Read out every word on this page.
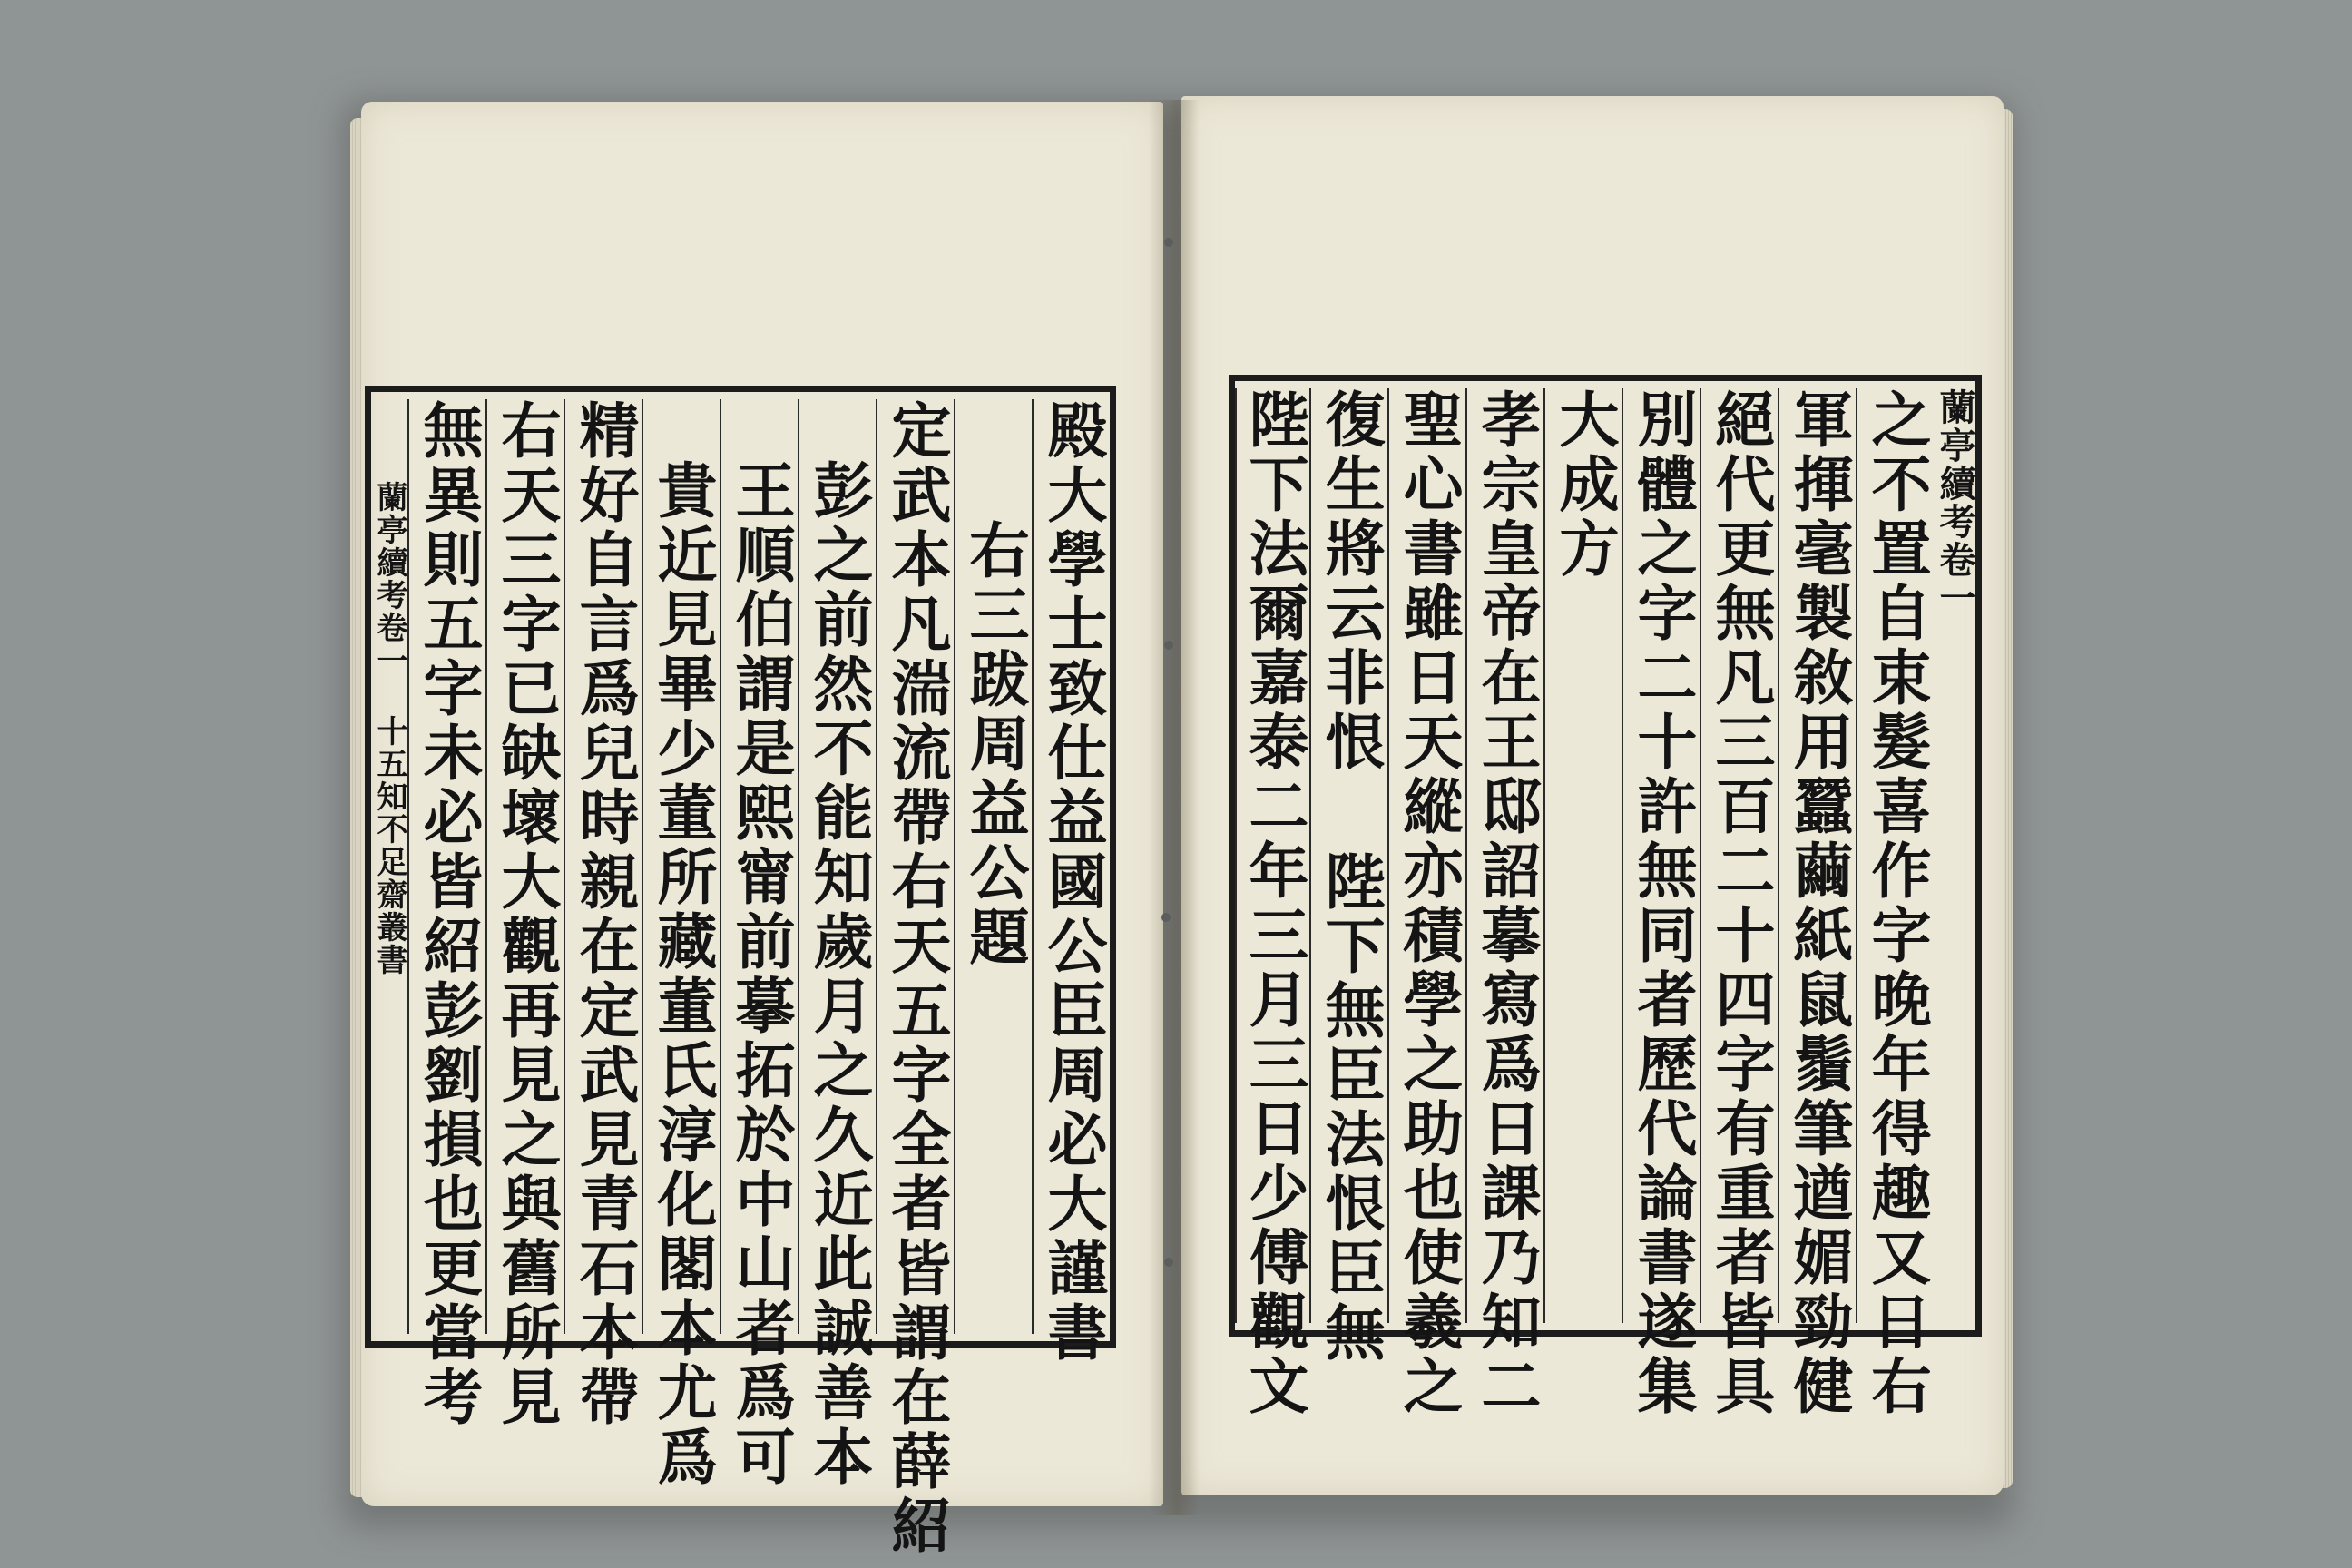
殿大學士致仕益國公臣周必大謹書
右三跋周益公題
定武本凡湍流帶右天五字全者皆謂在薛紹
彭之前然不能知歲月之久近此誠善本
王順伯謂是熙甯前摹拓於中山者爲可
貴近見畢少董所藏董氏淳化閣本尤爲
精好自言爲兒時親在定武見青石本帶
右天三字已缺壞大觀再見之與舊所見
無異則五字未必皆紹彭劉損也更當考
蘭亭續考卷一 十五知不足齋叢書	蘭亭續考卷一
之不置自束髮喜作字晚年得趣又日右
軍揮毫製敘用蠶繭紙鼠鬚筆遒媚勁健
絕代更無凡三百二十四字有重者皆具
別體之字二十許無同者歷代論書遂集
大成方
孝宗皇帝在王邸詔摹寫爲日課乃知二
聖心書雖日天縱亦積學之助也使羲之
復生將云非恨 陛下無臣法恨臣無
陛下法爾嘉泰二年三月三日少傅觀文
